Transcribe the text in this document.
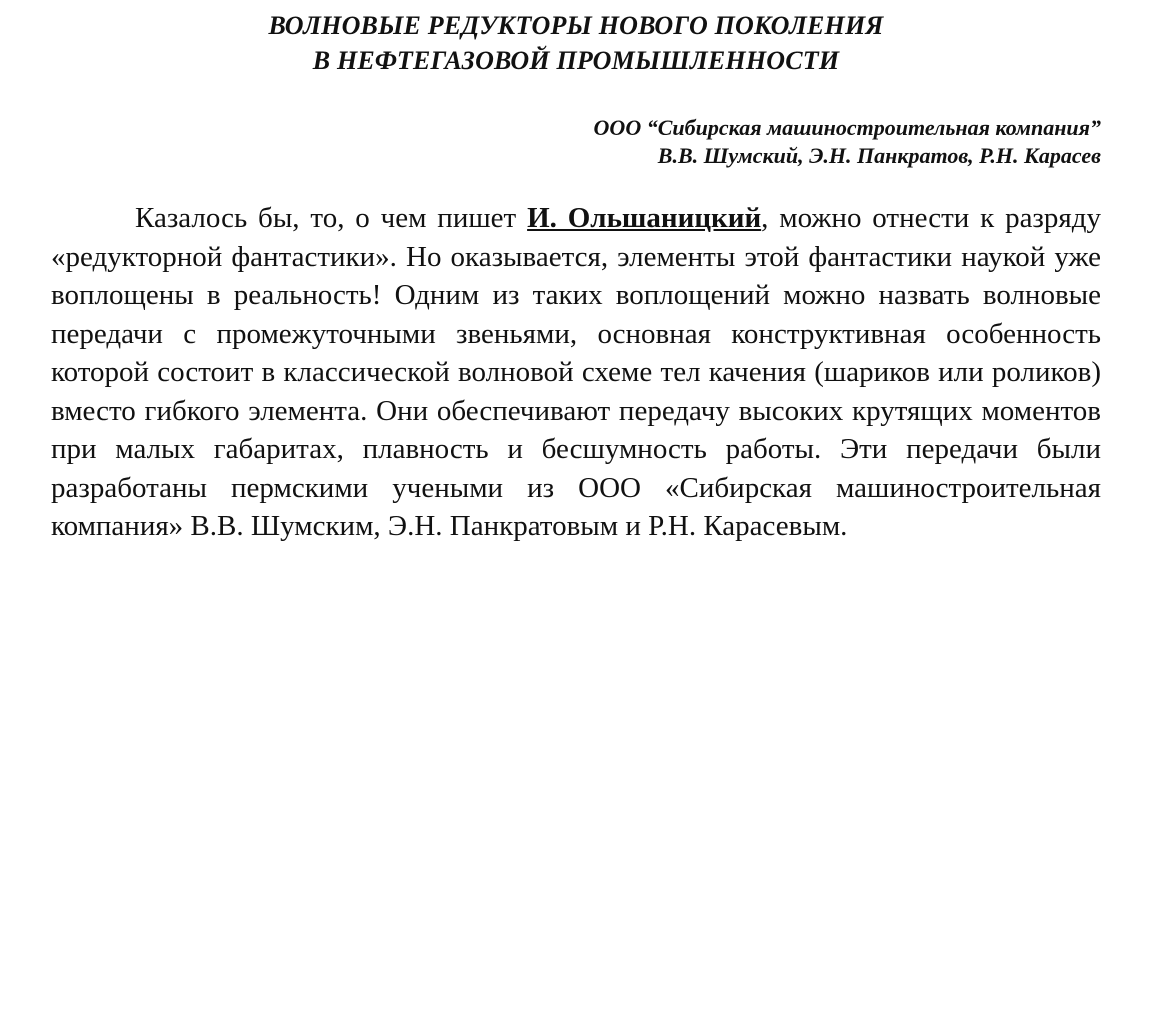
ВОЛНОВЫЕ РЕДУКТОРЫ НОВОГО ПОКОЛЕНИЯ
В НЕФТЕГАЗОВОЙ ПРОМЫШЛЕННОСТИ
ООО “Сибирская машиностроительная компания”
В.В. Шумский, Э.Н. Панкратов, Р.Н. Карасев

Казалось бы, то, о чем пишет И. Ольшаницкий, можно отнести к разряду «редукторной фантастики». Но оказывается, элементы этой фантастики наукой уже воплощены в реальность! Одним из таких воплощений можно назвать волновые передачи с промежуточными звеньями, основная конструктивная особенность которой состоит в классической волновой схеме тел качения (шариков или роликов) вместо гибкого элемента. Они обеспечивают передачу высоких крутящих моментов при малых габаритах, плавность и бесшумность работы. Эти передачи были разработаны пермскими учеными из ООО «Сибирская машиностроительная компания» В.В. Шумским, Э.Н. Панкратовым и Р.Н. Карасевым.
